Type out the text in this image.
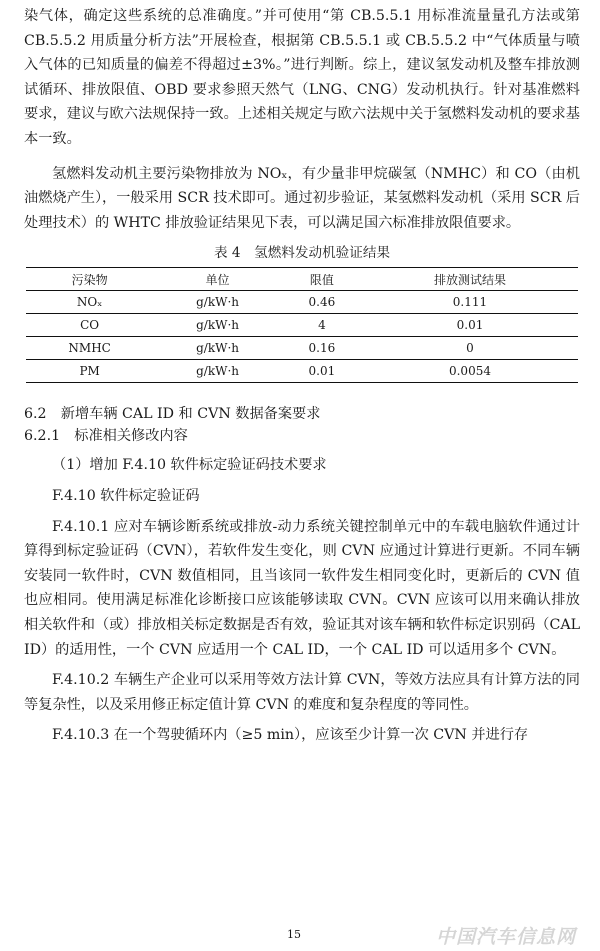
染气体，确定这些系统的总准确度。”并可使用“第 CB.5.5.1 用标准流量量孔方法或第 CB.5.5.2 用质量分析方法”开展检查，根据第 CB.5.5.1 或 CB.5.5.2 中“气体质量与喷入气体的已知质量的偏差不得超过±3%。”进行判断。综上，建议氢发动机及整车排放测试循环、排放限值、OBD 要求参照天然气（LNG、CNG）发动机执行。针对基准燃料要求，建议与欧六法规保持一致。上述相关规定与欧六法规中关于氢燃料发动机的要求基本一致。

氢燃料发动机主要污染物排放为 NOₓ，有少量非甲烷碳氢（NMHC）和 CO（由机油燃烧产生），一般采用 SCR 技术即可。通过初步验证，某氢燃料发动机（采用 SCR 后处理技术）的 WHTC 排放验证结果见下表，可以满足国六标准排放限值要求。

表 4　氢燃料发动机验证结果
污染物	单位	限值	排放测试结果
NOₓ	g/kW·h	0.46	0.111
CO	g/kW·h	4	0.01
NMHC	g/kW·h	0.16	0
PM	g/kW·h	0.01	0.0054
6.2　新增车辆 CAL ID 和 CVN 数据备案要求
6.2.1　标准相关修改内容

（1）增加 F.4.10 软件标定验证码技术要求

F.4.10 软件标定验证码

F.4.10.1 应对车辆诊断系统或排放-动力系统关键控制单元中的车载电脑软件通过计算得到标定验证码（CVN），若软件发生变化，则 CVN 应通过计算进行更新。不同车辆安装同一软件时，CVN 数值相同，且当该同一软件发生相同变化时，更新后的 CVN 值也应相同。使用满足标准化诊断接口应该能够读取 CVN。CVN 应该可以用来确认排放相关软件和（或）排放相关标定数据是否有效，验证其对该车辆和软件标定识别码（CAL ID）的适用性，一个 CVN 应适用一个 CAL ID，一个 CAL ID 可以适用多个 CVN。

F.4.10.2 车辆生产企业可以采用等效方法计算 CVN，等效方法应具有计算方法的同等复杂性，以及采用修正标定值计算 CVN 的难度和复杂程度的等同性。

F.4.10.3 在一个驾驶循环内（≥5 min），应该至少计算一次 CVN 并进行存

15	中国汽车信息网
